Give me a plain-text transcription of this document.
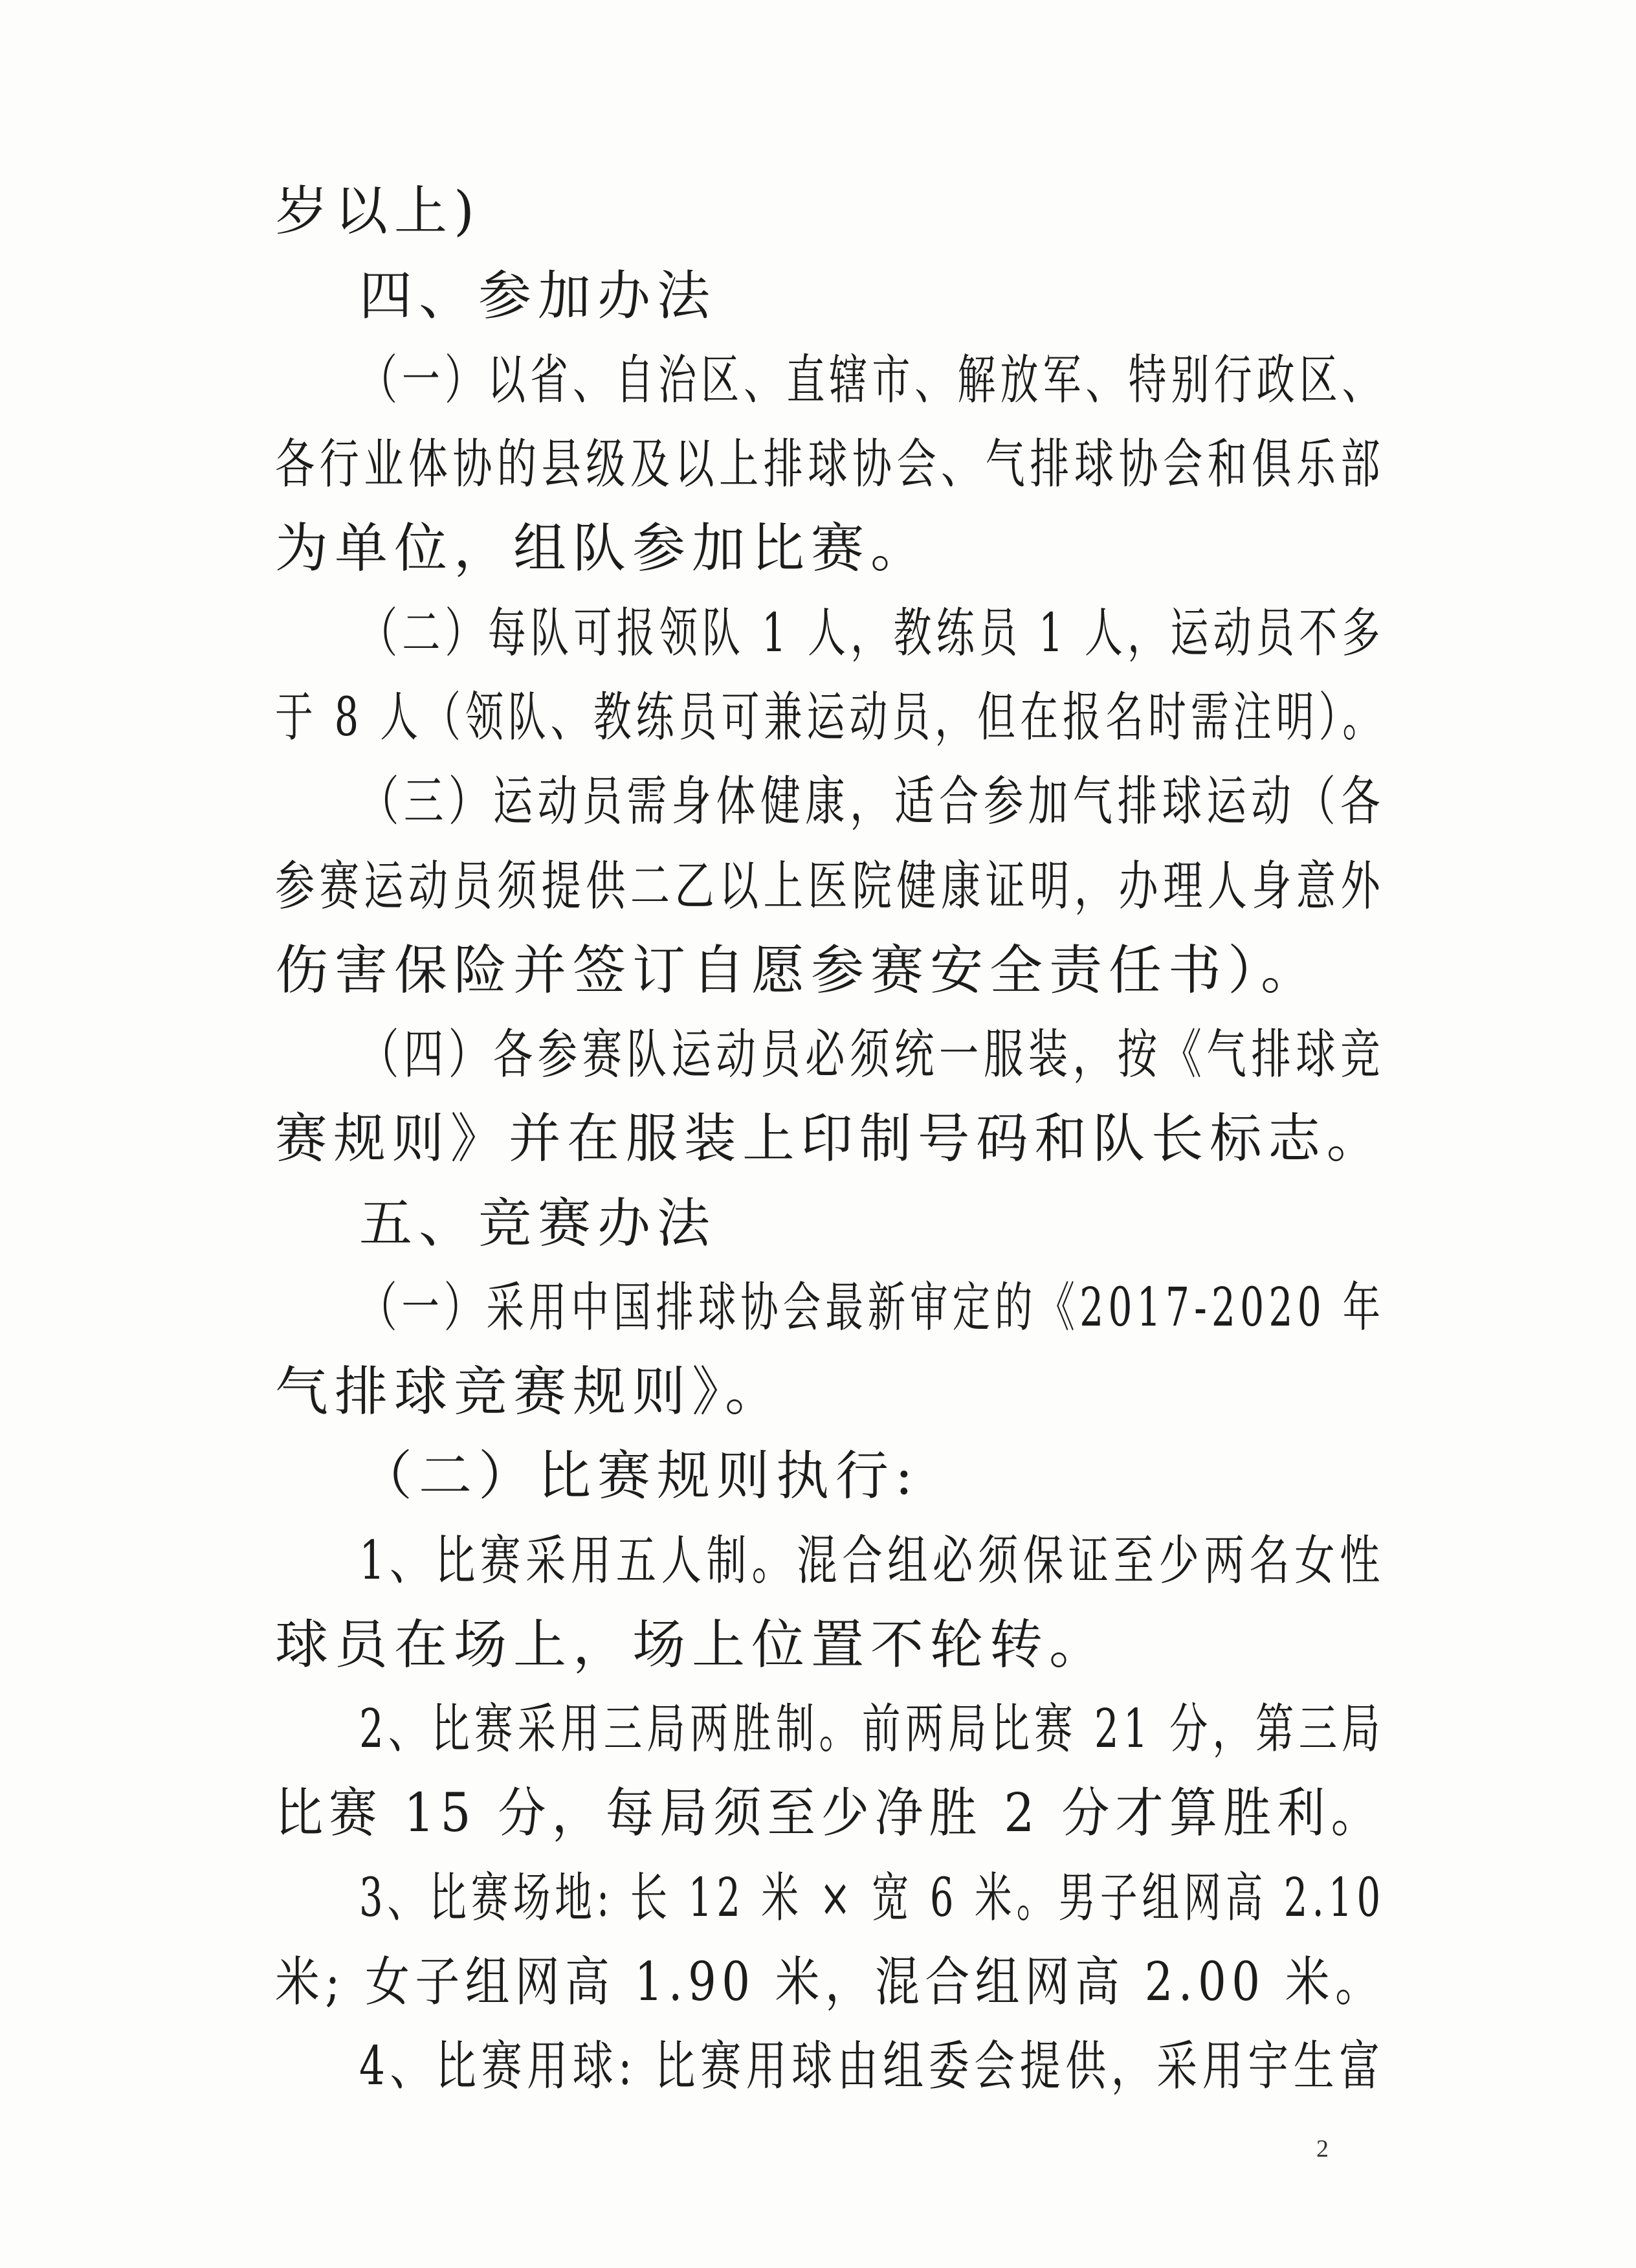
岁以上)
四、参加办法
（一）以省、自治区、直辖市、解放军、特别行政区、
各行业体协的县级及以上排球协会、气排球协会和俱乐部
为单位，组队参加比赛。
（二）每队可报领队 1 人，教练员 1 人，运动员不多
于 8 人（领队、教练员可兼运动员，但在报名时需注明）。
（三）运动员需身体健康，适合参加气排球运动（各
参赛运动员须提供二乙以上医院健康证明，办理人身意外
伤害保险并签订自愿参赛安全责任书）。
（四）各参赛队运动员必须统一服装，按《气排球竞
赛规则》并在服装上印制号码和队长标志。
五、竞赛办法
（一）采用中国排球协会最新审定的《2017-2020 年
气排球竞赛规则》。
（二）比赛规则执行:
1、比赛采用五人制。混合组必须保证至少两名女性
球员在场上，场上位置不轮转。
2、比赛采用三局两胜制。前两局比赛 21 分，第三局
比赛 15 分，每局须至少净胜 2 分才算胜利。
3、比赛场地: 长 12 米 × 宽 6 米。男子组网高 2.10
米; 女子组网高 1.90 米，混合组网高 2.00 米。
4、比赛用球: 比赛用球由组委会提供，采用宇生富
2
